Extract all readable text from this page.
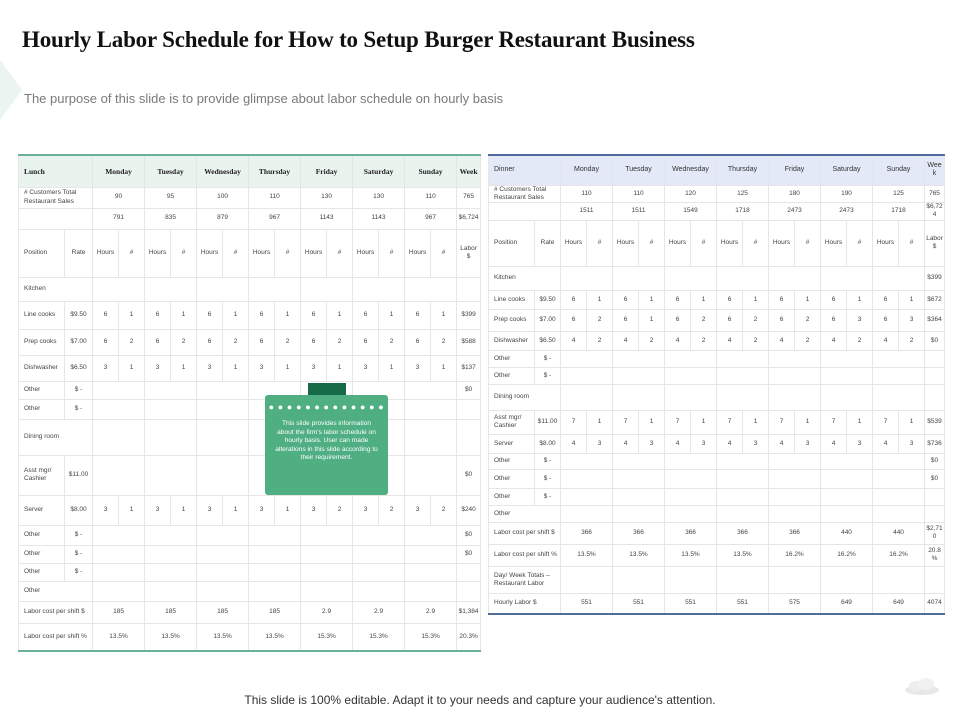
Hourly Labor Schedule for How to Setup Burger Restaurant Business
The purpose of this slide is to provide glimpse about labor schedule on hourly basis
Lunch		Monday		Tuesday		Wednesday		Thursday		Friday		Saturday		Sunday		Week
# Customers Total Restaurant Sales		90		95		100		110		130		130		110		765
		791		835		879		967		1143		1143		967		$6,724
Position	Rate	Hours	#	Hours	#	Hours	#	Hours	#	Hours	#	Hours	#	Hours	#	Labor $
Kitchen																
Line cooks	$9.50	6	1	6	1	6	1	6	1	6	1	6	1	6	1	$399
Prep cooks	$7.00	6	2	6	2	6	2	6	2	6	2	6	2	6	2	$588
Dishwasher	$6.50	3	1	3	1	3	1	3	1	3	1	3	1	3	1	$137
Other	$ -															$0
Other	$ -															
Dining room																
Asst mgr/ Cashier	$11.00															$0
Server	$8.00	3	1	3	1	3	1	3	1	3	2	3	2	3	2	$240
Other	$ -															$0
Other	$ -															$0
Other	$ -															
Other																
Labor cost per shift $		185		185		185		185		2.9		2.9		2.9		$1,384
Labor cost per shift %		13.5%		13.5%		13.5%		13.5%		15.3%		15.3%		15.3%		20.3%
Dinner		Monday		Tuesday		Wednesday		Thursday		Friday		Saturday		Sunday		Week
# Customers Total Restaurant Sales		110		110		120		125		180		190		125		765
		1511		1511		1549		1718		2473		2473		1718		$6,724
Position	Rate	Hours	#	Hours	#	Hours	#	Hours	#	Hours	#	Hours	#	Hours	#	Labor $
Kitchen																$399
Line cooks	$9.50	6	1	6	1	6	1	6	1	6	1	6	1	6	1	$672
Prep cooks	$7.00	6	2	6	1	6	2	6	2	6	2	6	3	6	3	$364
Dishwasher	$6.50	4	2	4	2	4	2	4	2	4	2	4	2	4	2	$0
Other	$ -															
Other	$ -															
Dining room																
Asst mgr/ Cashier	$11.00	7	1	7	1	7	1	7	1	7	1	7	1	7	1	$539
Server	$8.00	4	3	4	3	4	3	4	3	4	3	4	3	4	3	$736
Other	$ -															$0
Other	$ -															$0
Other	$ -															
Other																
Labor cost per shift $		366		366		366		366		366		440		440		$2,710
Labor cost per shift %		13.5%		13.5%		13.5%		13.5%		16.2%		16.2%		16.2%		20.8%
Day/ Week Totals – Restaurant Labor																
Hourly Labor $		551		551		551		551		575		649		649		4074
● ● ● ● ● ● ● ● ● ● ● ● ●
This slide provides information about the firm's labor schedule on hourly basis. User can made alterations in this slide according to their requirement.
This slide is 100% editable. Adapt it to your needs and capture your audience's attention.
